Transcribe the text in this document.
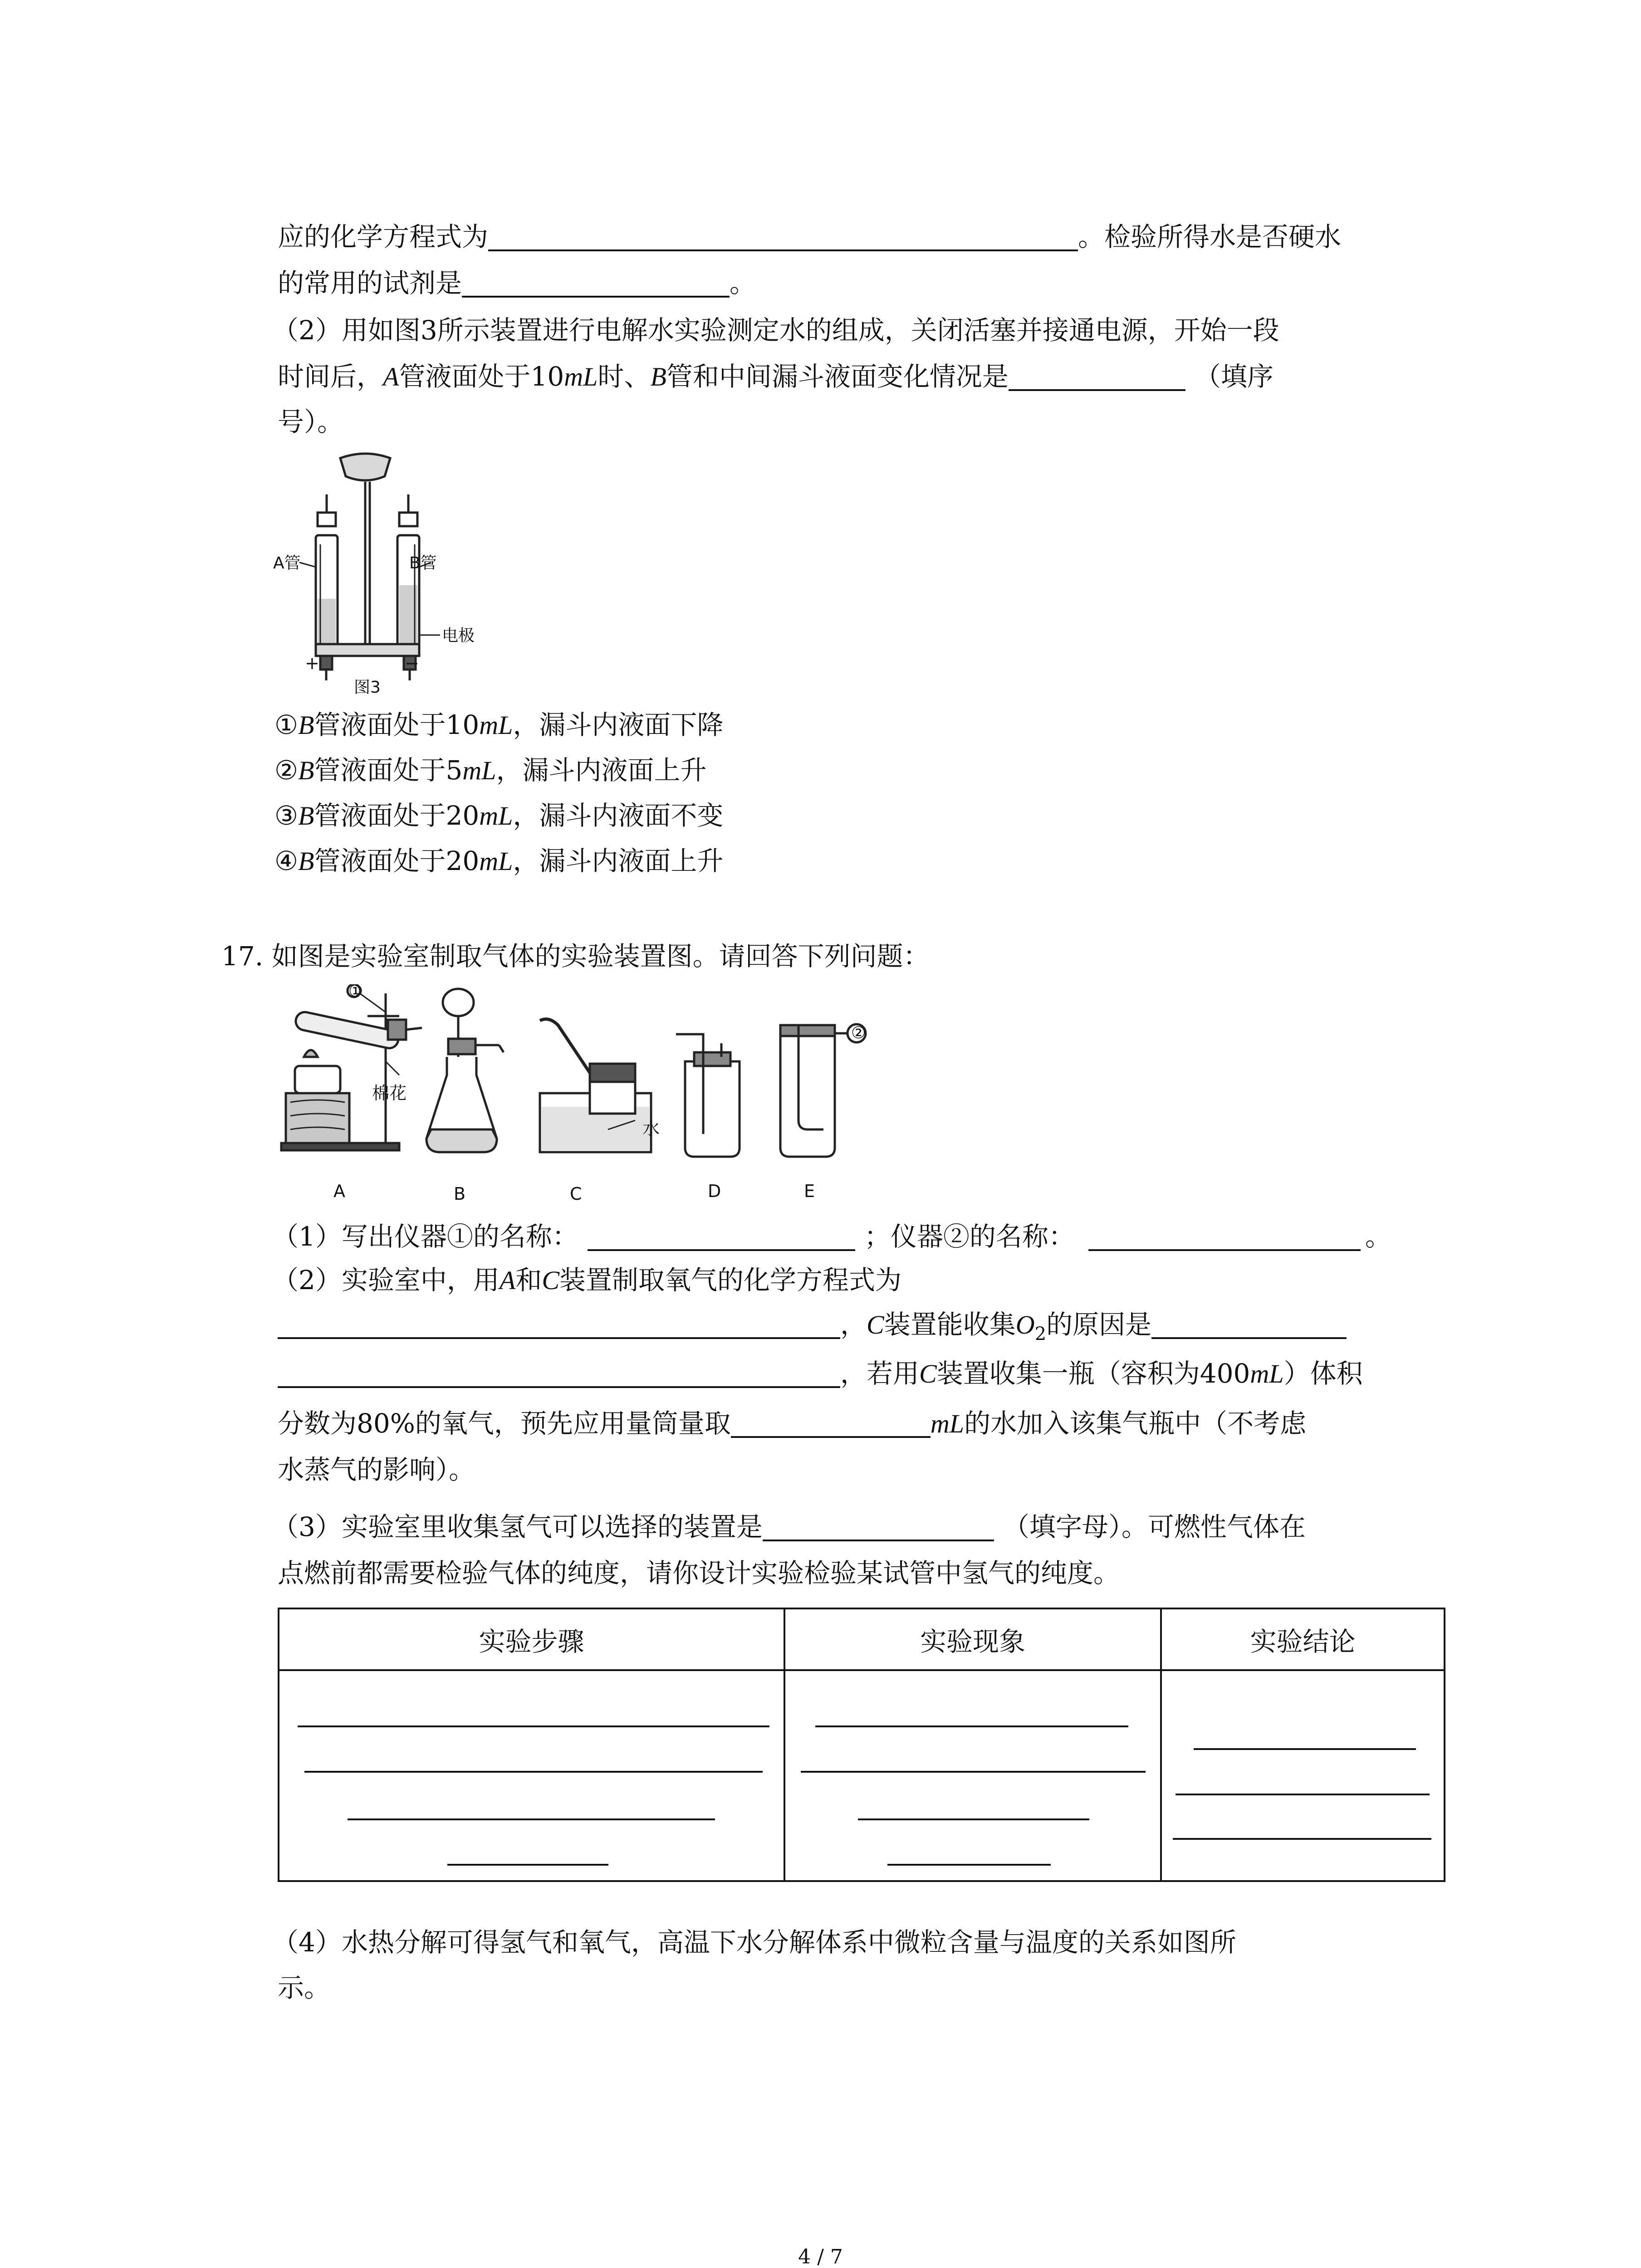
应的化学方程式为	。检验所得水是否硬水
的常用的试剂是	。
（2）用如图3所示装置进行电解水实验测定水的组成，关闭活塞并接通电源，开始一段
时间后，A管液面处于10mL时、B管和中间漏斗液面变化情况是	（填序
号）。
A管	B管
电极
+	−
图3
①B管液面处于10mL，漏斗内液面下降
②B管液面处于5mL，漏斗内液面上升
③B管液面处于20mL，漏斗内液面不变
④B管液面处于20mL，漏斗内液面上升
17. 如图是实验室制取气体的实验装置图。请回答下列问题：
①
②
棉花
水
A	B	C	D	E
（1）写出仪器①的名称：	；仪器②的名称：	。
（2）实验室中，用A和C装置制取氧气的化学方程式为
，C装置能收集$O_2$的原因是
，若用C装置收集一瓶（容积为400mL）体积
分数为80%的氧气，预先应用量筒量取	mL的水加入该集气瓶中（不考虑
水蒸气的影响）。
（3）实验室里收集氢气可以选择的装置是	（填字母）。可燃性气体在
点燃前都需要检验气体的纯度，请你设计实验检验某试管中氢气的纯度。
实验步骤	实验现象	实验结论

（4）水热分解可得氢气和氧气，高温下水分解体系中微粒含量与温度的关系如图所
示。
4 / 7
